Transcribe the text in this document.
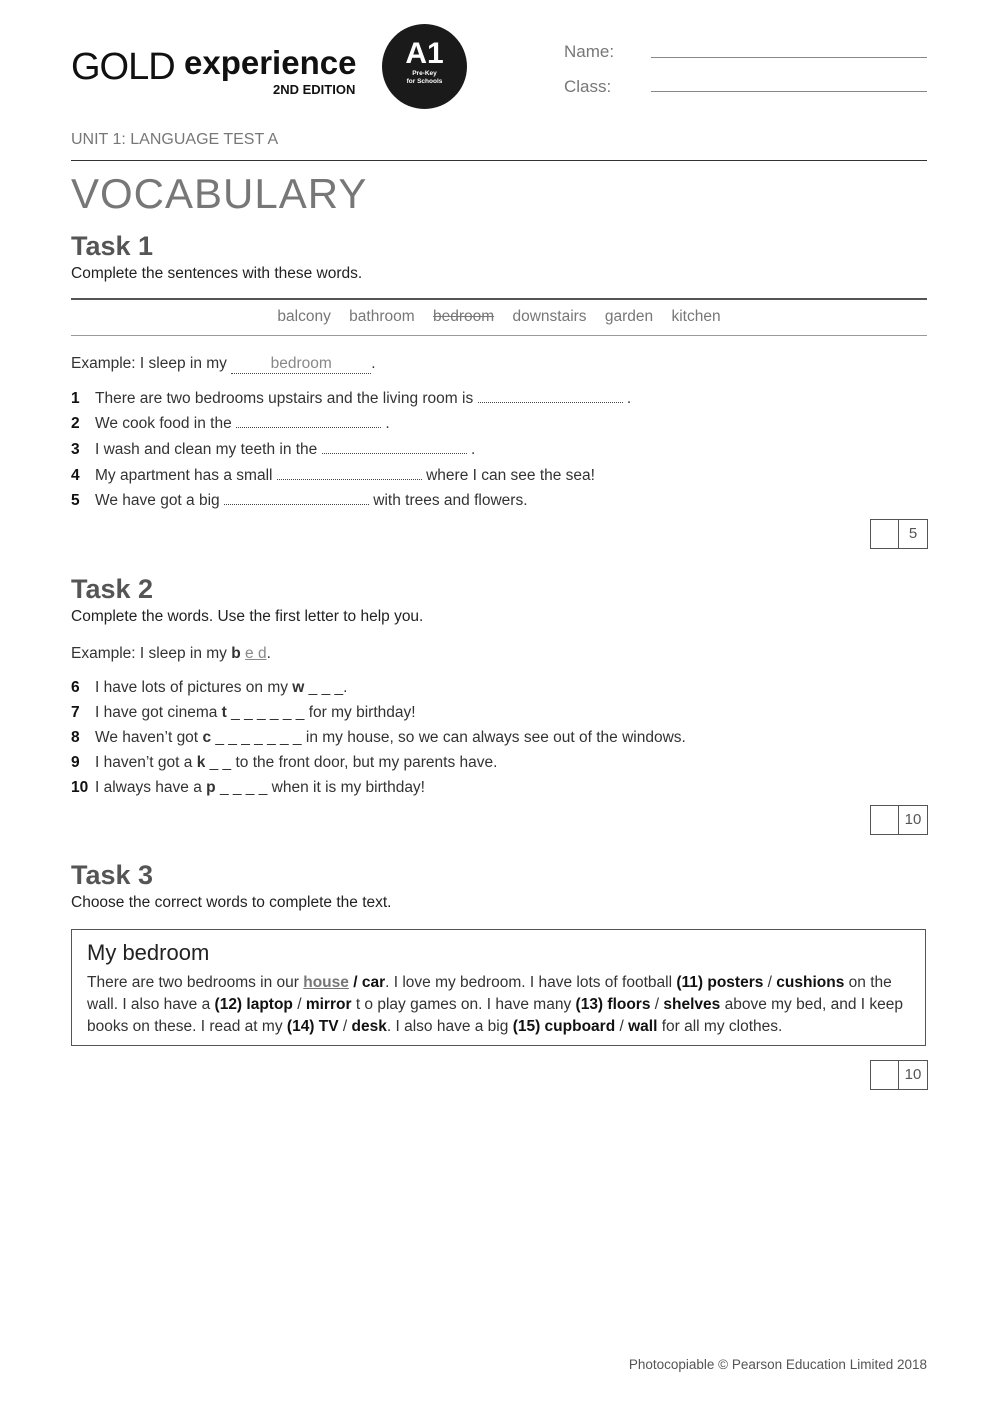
GOLD experience
2ND EDITION
A1
Pre-Key
for Schools
Name:
Class:
UNIT 1: LANGUAGE TEST A
VOCABULARY
Task 1
Complete the sentences with these words.
balcony bathroom bedroom downstairs garden kitchen
Example: I sleep in my	bedroom	.
1 There are two bedrooms upstairs and the living room is	.
2 We cook food in the	.
3 I wash and clean my teeth in the	.
4 My apartment has a small	where I can see the sea!
5 We have got a big	with trees and flowers.
5
Task 2
Complete the words. Use the first letter to help you.
Example: I sleep in my b e d.
6 I have lots of pictures on my w _ _ _.
7 I have got cinema t _ _ _ _ _ _ for my birthday!
8 We haven’t got c _ _ _ _ _ _ _ in my house, so we can always see out of the windows.
9 I haven’t got a k _ _ to the front door, but my parents have.
10 I always have a p _ _ _ _ when it is my birthday!
10
Task 3
Choose the correct words to complete the text.
My bedroom
There are two bedrooms in our house / car. I love my bedroom. I have lots of football (11) posters / cushions on the wall. I also have a (12) laptop / mirror t o play games on. I have many (13) floors / shelves above my bed, and I keep books on these. I read at my (14) TV / desk. I also have a big (15) cupboard / wall for all my clothes.
10
Photocopiable © Pearson Education Limited 2018
